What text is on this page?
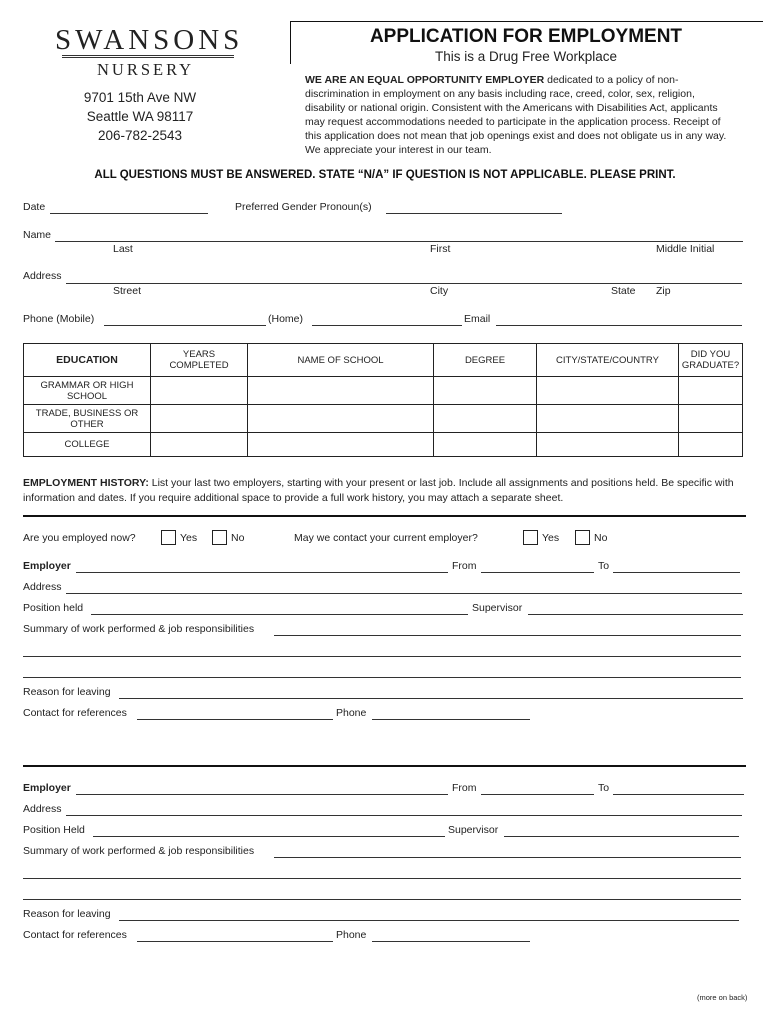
SWANSONS
NURSERY
9701 15th Ave NW
Seattle WA 98117
206-782-2543
APPLICATION FOR EMPLOYMENT
This is a Drug Free Workplace
WE ARE AN EQUAL OPPORTUNITY EMPLOYER dedicated to a policy of non-discrimination in employment on any basis including race, creed, color, sex, religion, disability or national origin. Consistent with the Americans with Disabilities Act, applicants may request accommodations needed to participate in the application process. Receipt of this application does not mean that job openings exist and does not obligate us in any way. We appreciate your interest in our team.
ALL QUESTIONS MUST BE ANSWERED. STATE “N/A” IF QUESTION IS NOT APPLICABLE. PLEASE PRINT.
Date	Preferred Gender Pronoun(s)
Name
Last	First	Middle Initial
Address
Street	City	State Zip
Phone (Mobile)	(Home)	Email
EDUCATION	YEARS COMPLETED	NAME OF SCHOOL	DEGREE	CITY/STATE/COUNTRY	DID YOU GRADUATE?
GRAMMAR OR HIGH SCHOOL					
TRADE, BUSINESS OR OTHER					
COLLEGE					
EMPLOYMENT HISTORY: List your last two employers, starting with your present or last job. Include all assignments and positions held. Be specific with information and dates. If you require additional space to provide a full work history, you may attach a separate sheet.
Are you employed now?	Yes	No	May we contact your current employer?	Yes	No
Employer	From	To
Address
Position held	Supervisor
Summary of work performed & job responsibilities
Reason for leaving
Contact for references	Phone
Employer	From	To
Address
Position Held	Supervisor
Summary of work performed & job responsibilities
Reason for leaving
Contact for references	Phone
(more on back)
